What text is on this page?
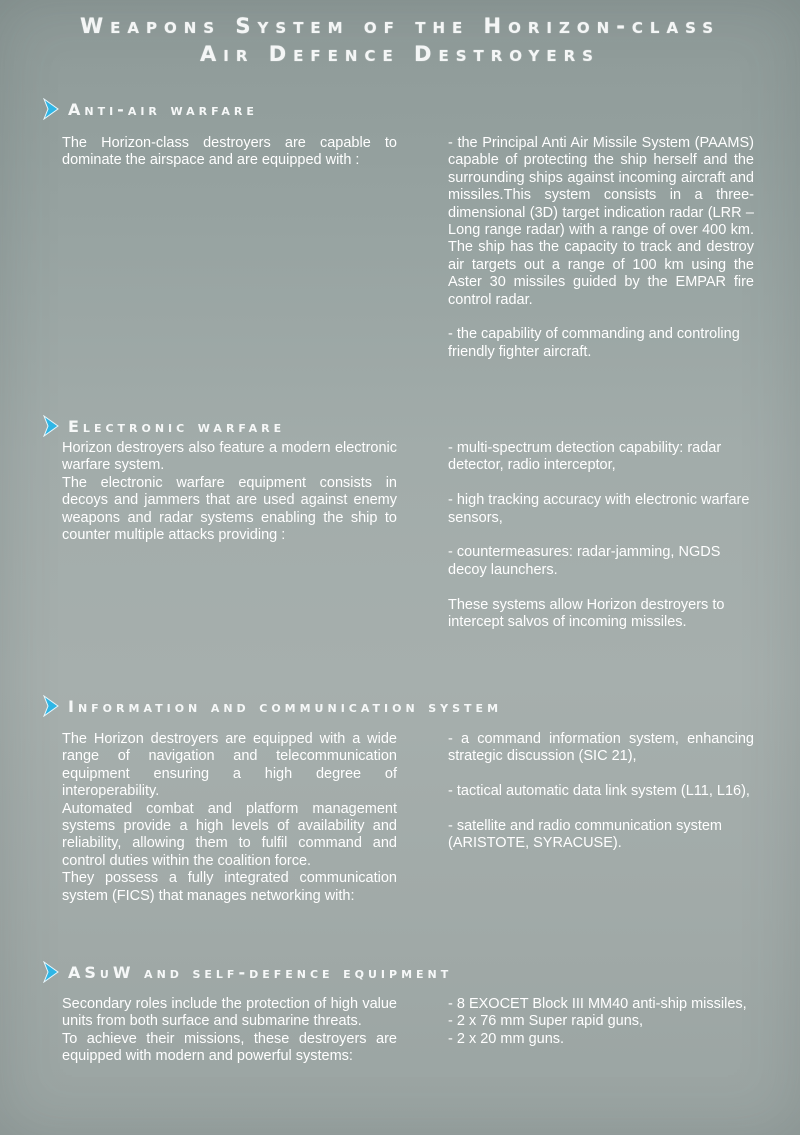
Weapons System of the Horizon-class
Air Defence Destroyers
Anti-air warfare

The Horizon-class destroyers are capable to dominate the airspace and are equipped with :

- the Principal Anti Air Missile System (PAAMS) capable of protecting the ship herself and the surrounding ships against incoming aircraft and missiles.This system consists in a three-dimensional (3D) target indication radar (LRR – Long range radar) with a range of over 400 km. The ship has the capacity to track and destroy air targets out a range of 100 km using the Aster 30 missiles guided by the EMPAR fire control radar.

- the capability of commanding and controling friendly fighter aircraft.

Electronic warfare

Horizon destroyers also feature a modern electronic warfare system.

The electronic warfare equipment consists in decoys and jammers that are used against enemy weapons and radar systems enabling the ship to counter multiple attacks providing :

- multi-spectrum detection capability: radar detector, radio interceptor,

- high tracking accuracy with electronic warfare sensors,

- countermeasures: radar-jamming, NGDS decoy launchers.

These systems allow Horizon destroyers to intercept salvos of incoming missiles.

Information and communication system

The Horizon destroyers are equipped with a wide range of navigation and telecommunication equipment ensuring a high degree of interoperability.

Automated combat and platform management systems provide a high levels of availability and reliability, allowing them to fulfil command and control duties within the coalition force.

They possess a fully integrated communication system (FICS) that manages networking with:

- a command information system, enhancing strategic discussion (SIC 21),

- tactical automatic data link system (L11, L16),

- satellite and radio communication system (ARISTOTE, SYRACUSE).

ASuW and self-defence equipment

Secondary roles include the protection of high value units from both surface and submarine threats.

To achieve their missions, these destroyers are equipped with modern and powerful systems:

- 8 EXOCET Block III MM40 anti-ship missiles,

- 2 x 76 mm Super rapid guns,

- 2 x 20 mm guns.
